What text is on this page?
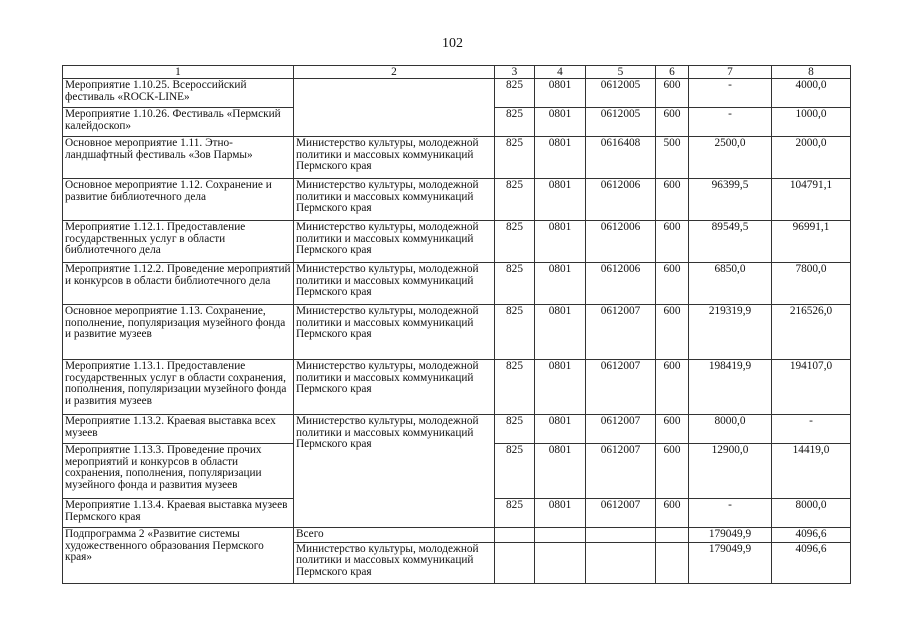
102
1	2	3	4	5	6	7	8
Мероприятие 1.10.25. Всероссийский фестиваль «ROCK-LINE»		825	0801	0612005	600	-	4000,0
Мероприятие 1.10.26. Фестиваль «Пермский калейдоскоп»		825	0801	0612005	600	-	1000,0
Основное мероприятие 1.11. Этно-ландшафтный фестиваль «Зов Пармы»	Министерство культуры, молодежной политики и массовых коммуникаций Пермского края	825	0801	0616408	500	2500,0	2000,0
Основное мероприятие 1.12. Сохранение и развитие библиотечного дела	Министерство культуры, молодежной политики и массовых коммуникаций Пермского края	825	0801	0612006	600	96399,5	104791,1
Мероприятие 1.12.1. Предоставление государственных услуг в области библиотечного дела	Министерство культуры, молодежной политики и массовых коммуникаций Пермского края	825	0801	0612006	600	89549,5	96991,1
Мероприятие 1.12.2. Проведение мероприятий и конкурсов в области библиотечного дела	Министерство культуры, молодежной политики и массовых коммуникаций Пермского края	825	0801	0612006	600	6850,0	7800,0
Основное мероприятие 1.13. Сохранение, пополнение, популяризация музейного фонда и развитие музеев	Министерство культуры, молодежной политики и массовых коммуникаций Пермского края	825	0801	0612007	600	219319,9	216526,0
Мероприятие 1.13.1. Предоставление государственных услуг в области сохранения, пополнения, популяризации музейного фонда и развития музеев	Министерство культуры, молодежной политики и массовых коммуникаций Пермского края	825	0801	0612007	600	198419,9	194107,0
Мероприятие 1.13.2. Краевая выставка всех музеев	Министерство культуры, молодежной политики и массовых коммуникаций Пермского края	825	0801	0612007	600	8000,0	-
Мероприятие 1.13.3. Проведение прочих мероприятий и конкурсов в области сохранения, пополнения, популяризации музейного фонда и развития музеев		825	0801	0612007	600	12900,0	14419,0
Мероприятие 1.13.4. Краевая выставка музеев Пермского края		825	0801	0612007	600	-	8000,0
Подпрограмма 2 «Развитие системы художественного образования Пермского края»	Всего					179049,9	4096,6
	Министерство культуры, молодежной политики и массовых коммуникаций Пермского края					179049,9	4096,6
